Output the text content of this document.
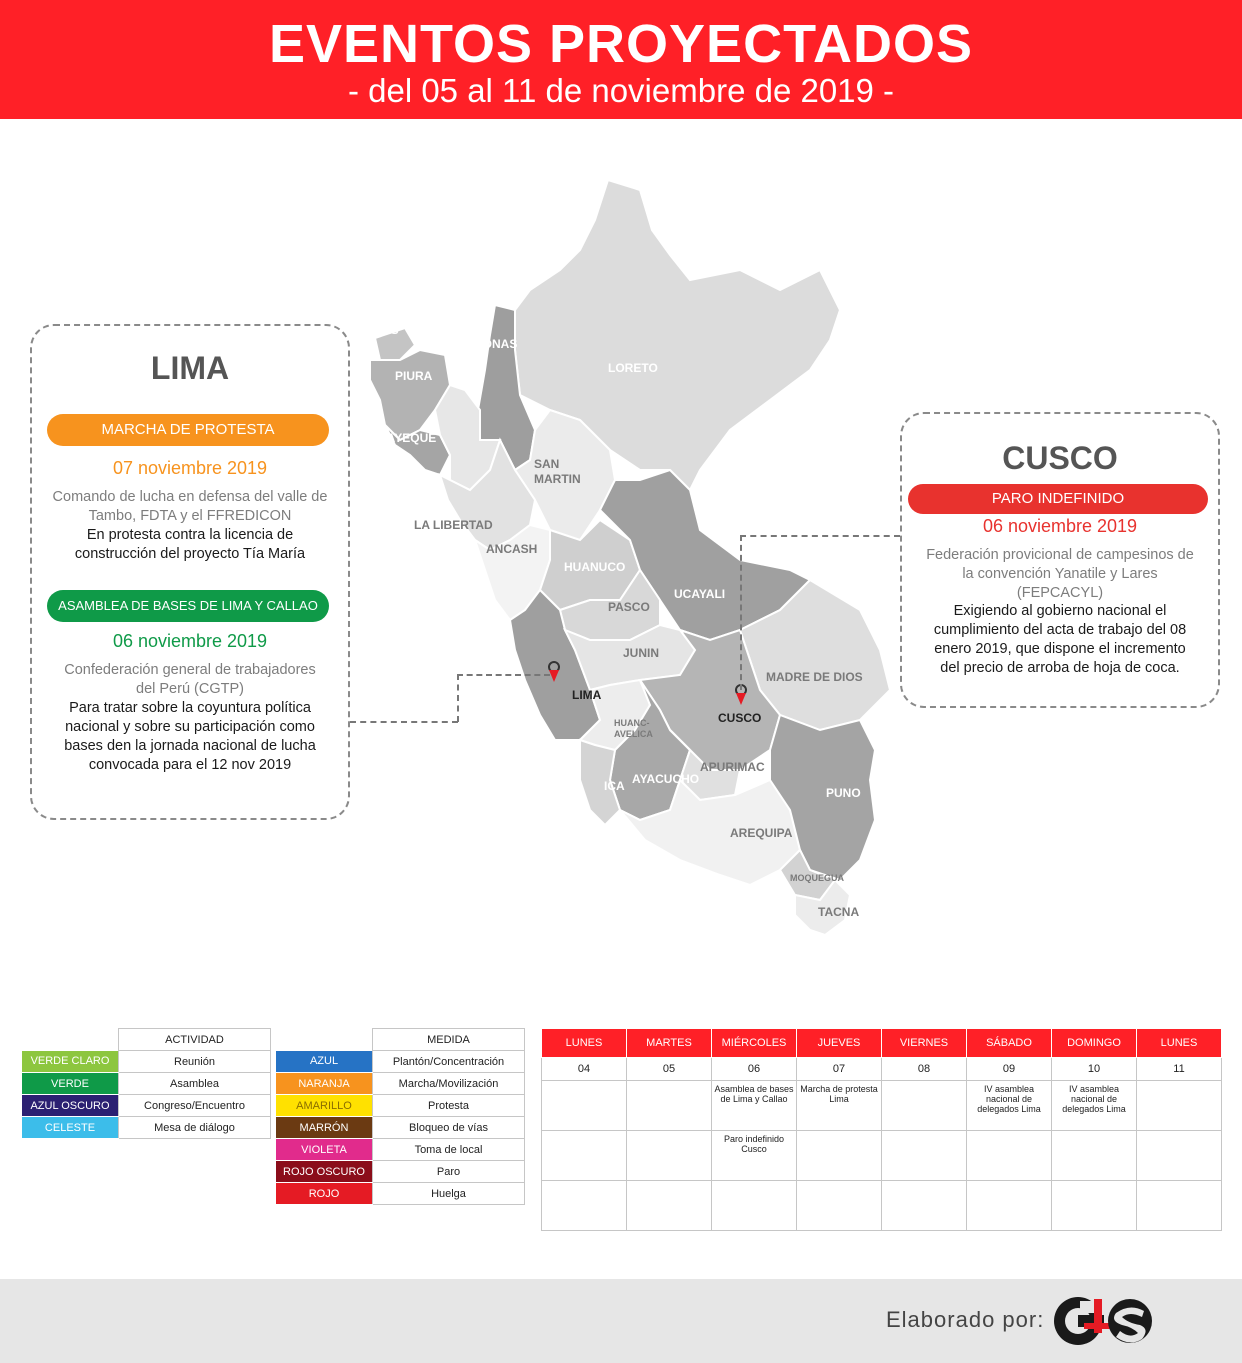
EVENTOS PROYECTADOS
- del 05 al 11 de noviembre de 2019 -
TUMBES
PIURA
AMAZONAS
LORETO
LAMBAYEQUE
SAN
MARTIN
LA LIBERTAD
ANCASH
HUANUCO
UCAYALI
PASCO
JUNIN
LIMA
MADRE DE DIOS
CUSCO
HUANC-
AVELICA
APURIMAC
AYACUCHO
ICA	PUNO
AREQUIPA
MOQUEGUA
TACNA
LIMA
MARCHA DE PROTESTA
07 noviembre 2019
Comando de lucha en defensa del valle de
Tambo, FDTA y el FFREDICON
En protesta contra la licencia de
construcción del proyecto Tía María
ASAMBLEA DE BASES DE LIMA Y CALLAO
06 noviembre 2019
Confederación general de trabajadores
del Perú (CGTP)
Para tratar sobre la coyuntura política
nacional y sobre su participación como
bases den la jornada nacional de lucha
convocada para el 12 nov 2019
CUSCO
PARO INDEFINIDO
06 noviembre 2019
Federación provicional de campesinos de
la convención Yanatile y Lares
(FEPCACYL)
Exigiendo al gobierno nacional el
cumplimiento del acta de trabajo del 08
enero 2019, que dispone el incremento
del precio de arroba de hoja de coca.
	ACTIVIDAD
VERDE CLARO	Reunión
VERDE	Asamblea
AZUL OSCURO	Congreso/Encuentro
CELESTE	Mesa de diálogo
	MEDIDA
AZUL	Plantón/Concentración
NARANJA	Marcha/Movilización
AMARILLO	Protesta
MARRÓN	Bloqueo de vías
VIOLETA	Toma de local
ROJO OSCURO	Paro
ROJO	Huelga
LUNES	MARTES	MIÉRCOLES	JUEVES	VIERNES	SÁBADO	DOMINGO	LUNES
04	05	06	07	08	09	10	11
		Asamblea de bases de Lima y Callao	Marcha de protesta Lima		IV asamblea nacional de delegados Lima	IV asamblea nacional de delegados Lima	
		Paro indefinido Cusco					

Elaborado por:
